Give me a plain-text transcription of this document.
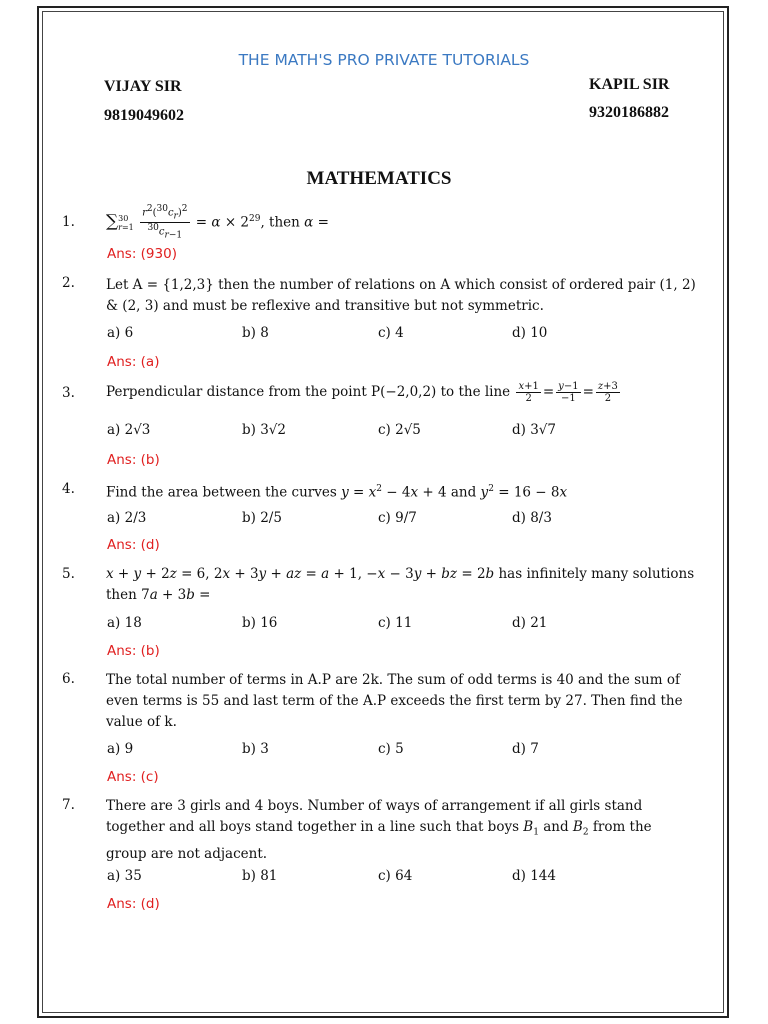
THE MATH'S PRO PRIVATE TUTORIALS
VIJAY SIR
9819049602
KAPIL SIR
9320186882
MATHEMATICS
1. ∑ 30
r=1
$\frac{r^2(^{30}c_r)^2}{^{30}c_{r-1}} = \alpha \times 2^{29}$, then α =
Ans: (930)
2. Let A = {1,2,3} then the number of relations on A which consist of ordered pair (1, 2) & (2, 3) and must be reflexive and transitive but not symmetric.
a) 6	b) 8	c) 4	d) 10
Ans: (a)
3. Perpendicular distance from the point P(−2,0,2) to the line $\frac{x+1}{2} = \frac{y-1}{-1} = \frac{z+3}{2}$
a) 2√3	b) 3√2	c) 2√5	d) 3√7
Ans: (b)
4. Find the area between the curves $y = x^2 - 4x + 4$ and $y^2 = 16 - 8x$
a) 2/3	b) 2/5	c) 9/7	d) 8/3
Ans: (d)
5. x + y + 2z = 6, 2x + 3y + az = a + 1, −x − 3y + bz = 2b has infinitely many solutions then 7a + 3b =
a) 18	b) 16	c) 11	d) 21
Ans: (b)
6. The total number of terms in A.P are 2k. The sum of odd terms is 40 and the sum of even terms is 55 and last term of the A.P exceeds the first term by 27. Then find the value of k.
a) 9	b) 3	c) 5	d) 7
Ans: (c)
7. There are 3 girls and 4 boys. Number of ways of arrangement if all girls stand together and all boys stand together in a line such that boys $B_1$ and $B_2$ from the group are not adjacent.
a) 35	b) 81	c) 64	d) 144
Ans: (d)
